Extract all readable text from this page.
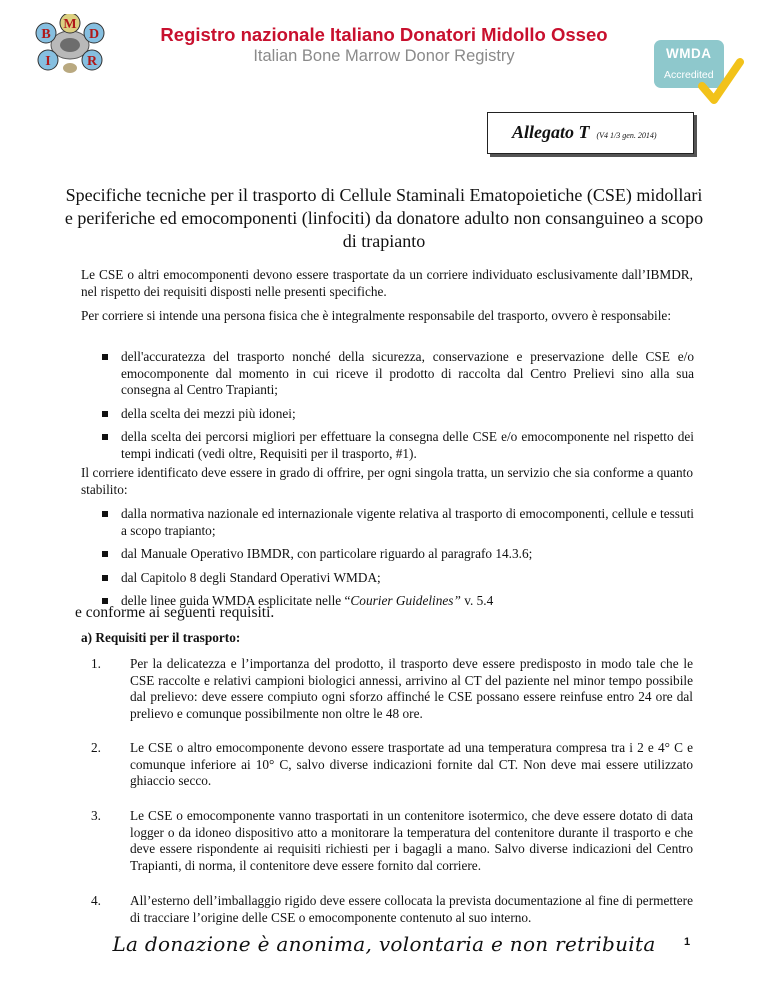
M
B	D
I	R
Registro nazionale Italiano Donatori Midollo Osseo
Italian Bone Marrow Donor Registry	WMDA
Accredited
Allegato T (V4 1/3 gen. 2014)
Specifiche tecniche per il trasporto di Cellule Staminali Ematopoietiche (CSE) midollari e periferiche ed emocomponenti (linfociti) da donatore adulto non consanguineo a scopo di trapianto
Le CSE o altri emocomponenti devono essere trasportate da un corriere individuato esclusivamente dall’IBMDR, nel rispetto dei requisiti disposti nelle presenti specifiche.
Per corriere si intende una persona fisica che è integralmente responsabile del trasporto, ovvero è responsabile:
dell'accuratezza del trasporto nonché della sicurezza, conservazione e preservazione delle CSE e/o emocomponente dal momento in cui riceve il prodotto di raccolta dal Centro Prelievi sino alla sua consegna al Centro Trapianti;
della scelta dei mezzi più idonei;
della scelta dei percorsi migliori per effettuare la consegna delle CSE e/o emocomponente nel rispetto dei tempi indicati (vedi oltre, Requisiti per il trasporto, #1).
Il corriere identificato deve essere in grado di offrire, per ogni singola tratta, un servizio che sia conforme a quanto stabilito:
dalla normativa nazionale ed internazionale vigente relativa al trasporto di emocomponenti, cellule e tessuti a scopo trapianto;
dal Manuale Operativo IBMDR, con particolare riguardo al paragrafo 14.3.6;
dal Capitolo 8 degli Standard Operativi WMDA;
delle linee guida WMDA esplicitate nelle “Courier Guidelines” v. 5.4
e conforme ai seguenti requisiti.
a) Requisiti per il trasporto:
1. Per la delicatezza e l’importanza del prodotto, il trasporto deve essere predisposto in modo tale che le CSE raccolte e relativi campioni biologici annessi, arrivino al CT del paziente nel minor tempo possibile dal prelievo: deve essere compiuto ogni sforzo affinché le CSE possano essere reinfuse entro 24 ore dal prelievo e comunque possibilmente non oltre le 48 ore.
2. Le CSE o altro emocomponente devono essere trasportate ad una temperatura compresa tra i 2 e 4° C e comunque inferiore ai 10° C, salvo diverse indicazioni fornite dal CT. Non deve mai essere utilizzato ghiaccio secco.
3. Le CSE o emocomponente vanno trasportati in un contenitore isotermico, che deve essere dotato di data logger o da idoneo dispositivo atto a monitorare la temperatura del contenitore durante il trasporto e che deve essere rispondente ai requisiti richiesti per i bagagli a mano. Salvo diverse indicazioni del Centro Trapianti, di norma, il contenitore deve essere fornito dal corriere.
4. All’esterno dell’imballaggio rigido deve essere collocata la prevista documentazione al fine di permettere di tracciare l’origine delle CSE o emocomponente contenuto al suo interno.
La donazione è anonima, volontaria e non retribuita	1
